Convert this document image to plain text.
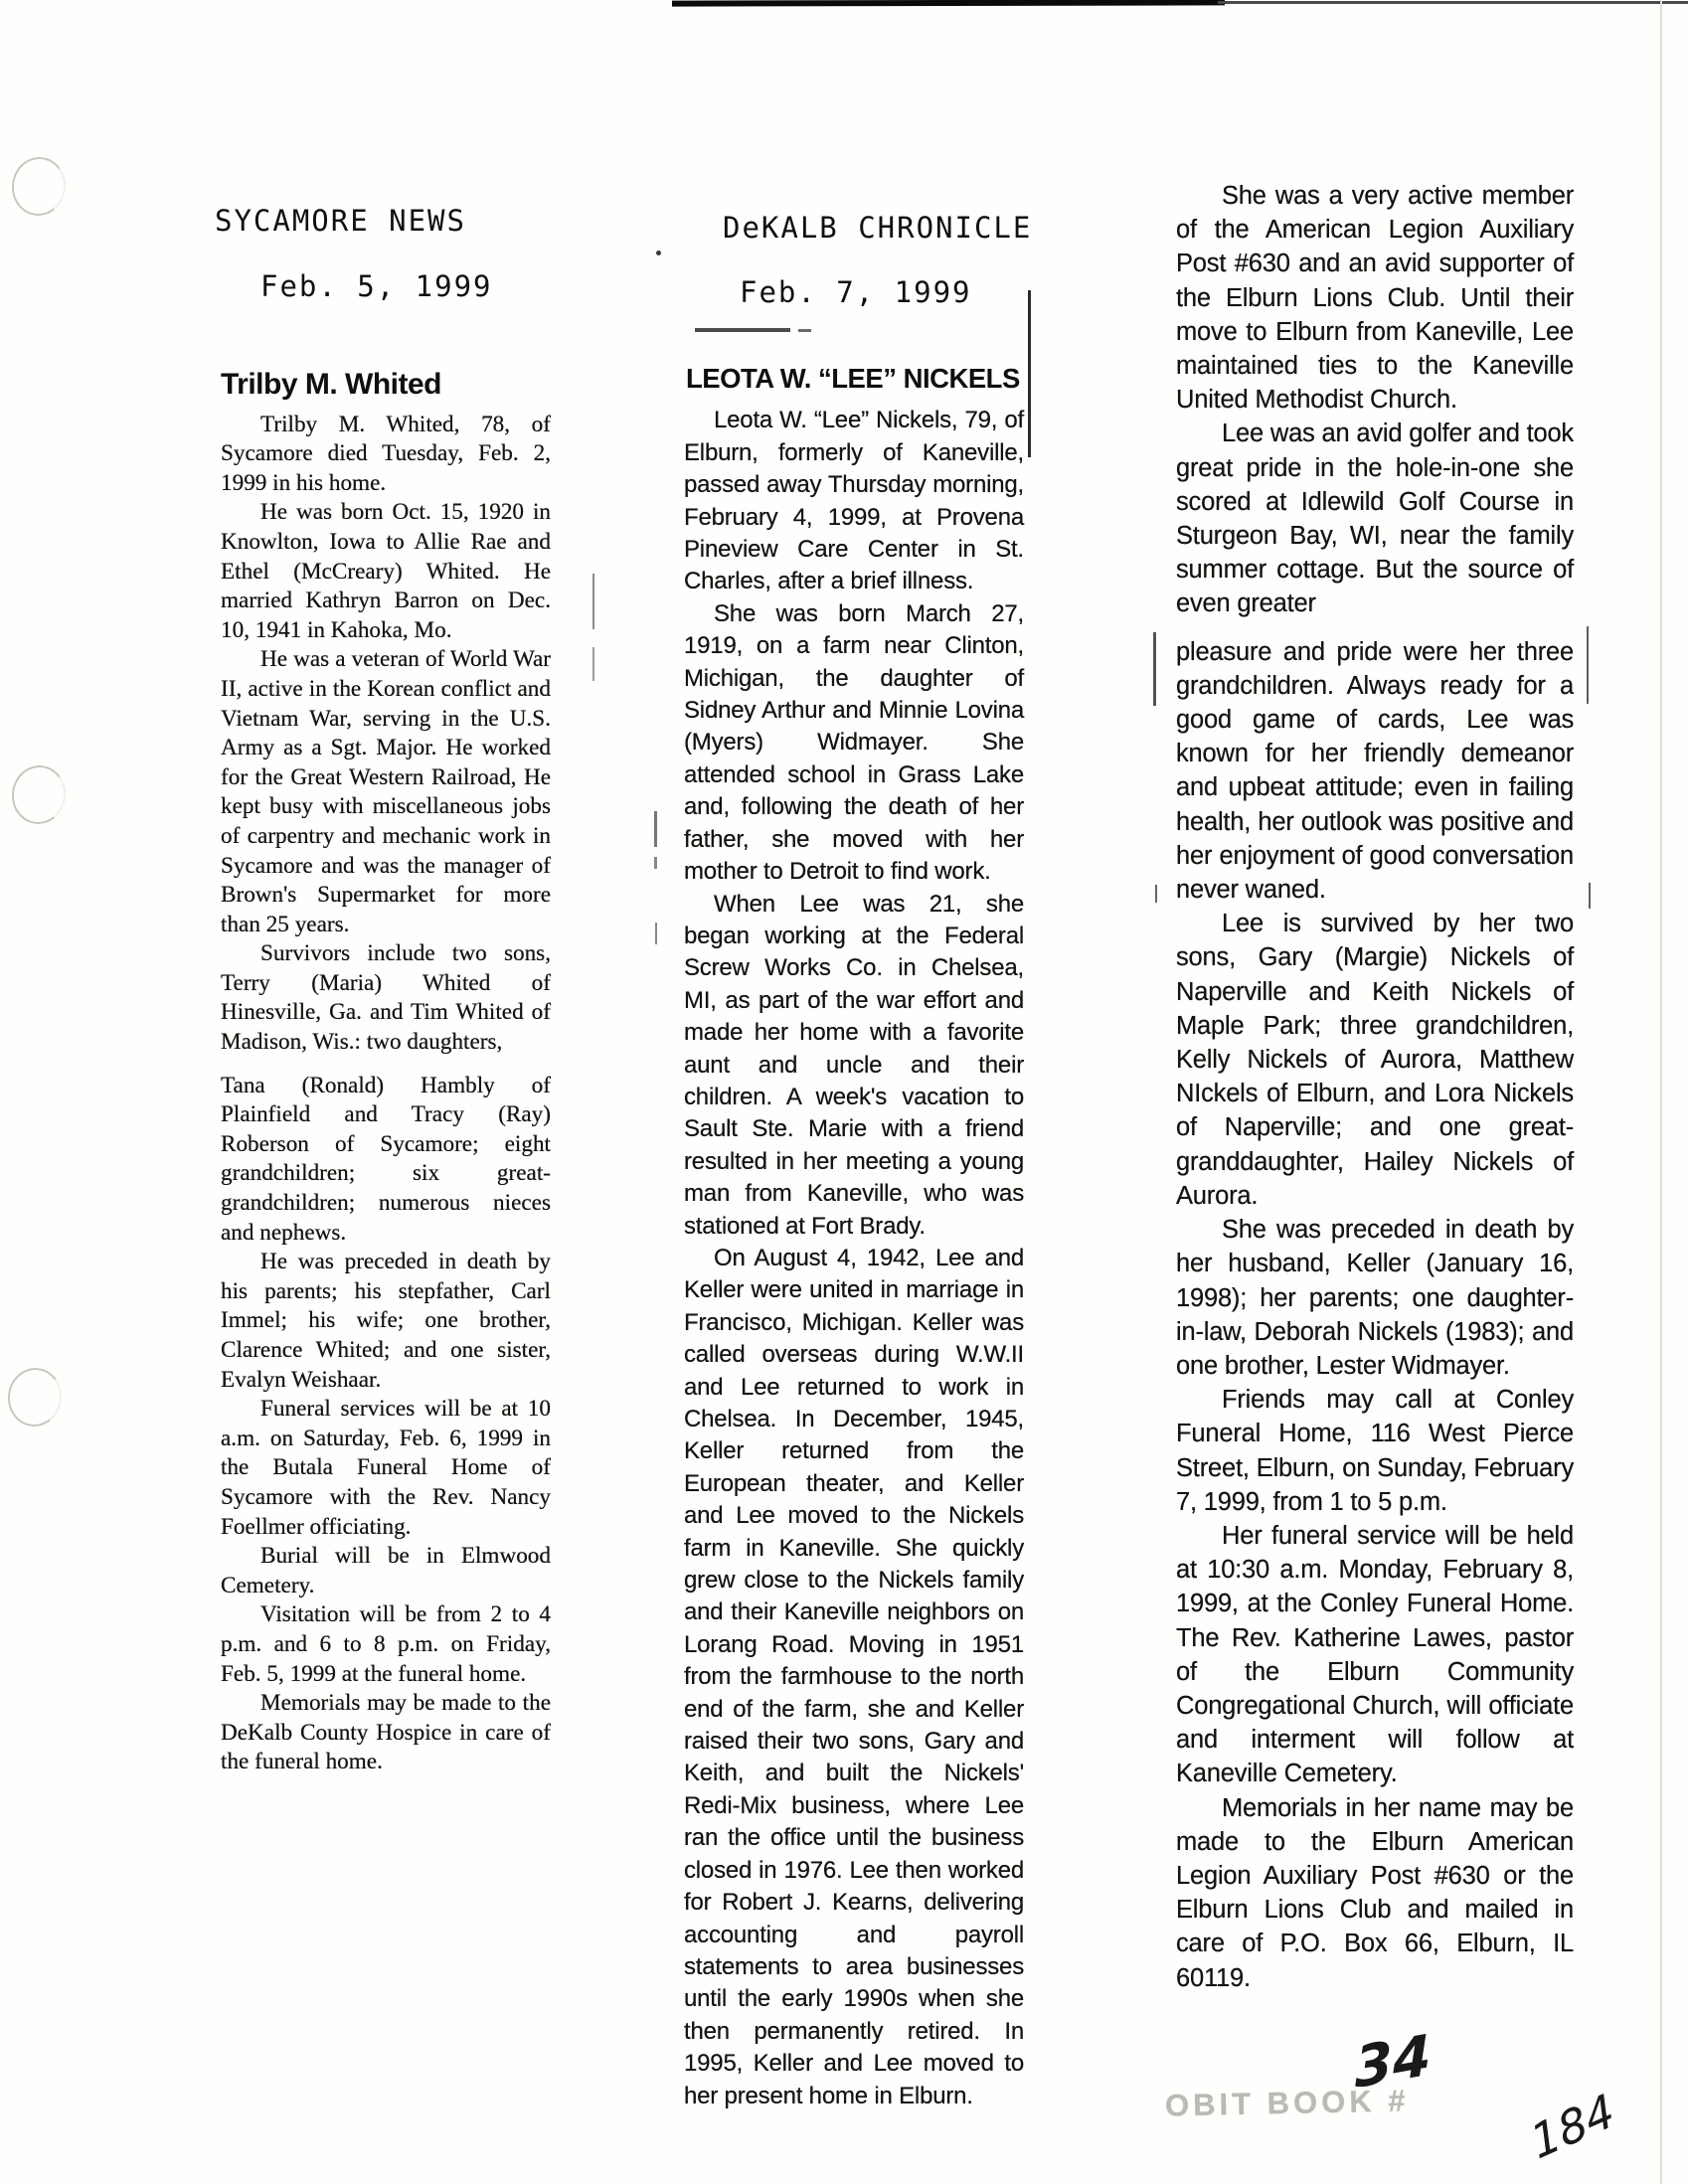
SYCAMORE NEWS
Feb. 5, 1999
DeKALB CHRONICLE
Feb. 7, 1999
Trilby M. Whited

Trilby M. Whited, 78, of Sycamore died Tuesday, Feb. 2, 1999 in his home.

He was born Oct. 15, 1920 in Knowlton, Iowa to Allie Rae and Ethel (McCreary) Whited. He married Kathryn Barron on Dec. 10, 1941 in Kahoka, Mo.

He was a veteran of World War II, active in the Korean conflict and Vietnam War, serving in the U.S. Army as a Sgt. Major. He worked for the Great Western Railroad, He kept busy with miscellaneous jobs of carpentry and mechanic work in Sycamore and was the manager of Brown's Supermarket for more than 25 years.

Survivors include two sons, Terry (Maria) Whited of Hinesville, Ga. and Tim Whited of Madison, Wis.: two daughters,

Tana (Ronald) Hambly of Plainfield and Tracy (Ray) Roberson of Sycamore; eight grandchildren; six great-grandchildren; numerous nieces and nephews.

He was preceded in death by his parents; his stepfather, Carl Immel; his wife; one brother, Clarence Whited; and one sister, Evalyn Weishaar.

Funeral services will be at 10 a.m. on Saturday, Feb. 6, 1999 in the Butala Funeral Home of Sycamore with the Rev. Nancy Foellmer officiating.

Burial will be in Elmwood Cemetery.

Visitation will be from 2 to 4 p.m. and 6 to 8 p.m. on Friday, Feb. 5, 1999 at the funeral home.

Memorials may be made to the DeKalb County Hospice in care of the funeral home.

LEOTA W. “LEE” NICKELS

Leota W. “Lee” Nickels, 79, of Elburn, formerly of Kaneville, passed away Thursday morning, February 4, 1999, at Provena Pineview Care Center in St. Charles, after a brief illness.

She was born March 27, 1919, on a farm near Clinton, Michigan, the daughter of Sidney Arthur and Minnie Lovina (Myers) Widmayer. She attended school in Grass Lake and, following the death of her father, she moved with her mother to Detroit to find work.

When Lee was 21, she began working at the Federal Screw Works Co. in Chelsea, MI, as part of the war effort and made her home with a favorite aunt and uncle and their children. A week's vacation to Sault Ste. Marie with a friend resulted in her meeting a young man from Kaneville, who was stationed at Fort Brady.

On August 4, 1942, Lee and Keller were united in marriage in Francisco, Michigan. Keller was called overseas during W.W.II and Lee returned to work in Chelsea. In December, 1945, Keller returned from the European theater, and Keller and Lee moved to the Nickels farm in Kaneville. She quickly grew close to the Nickels family and their Kaneville neighbors on Lorang Road. Moving in 1951 from the farmhouse to the north end of the farm, she and Keller raised their two sons, Gary and Keith, and built the Nickels' Redi-Mix business, where Lee ran the office until the business closed in 1976. Lee then worked for Robert J. Kearns, delivering accounting and payroll statements to area businesses until the early 1990s when she then permanently retired. In 1995, Keller and Lee moved to her present home in Elburn.

She was a very active member of the American Legion Auxiliary Post #630 and an avid supporter of the Elburn Lions Club. Until their move to Elburn from Kaneville, Lee maintained ties to the Kaneville United Methodist Church.

Lee was an avid golfer and took great pride in the hole-in-one she scored at Idlewild Golf Course in Sturgeon Bay, WI, near the family summer cottage. But the source of even greater

pleasure and pride were her three grandchildren. Always ready for a good game of cards, Lee was known for her friendly demeanor and upbeat attitude; even in failing health, her outlook was positive and her enjoyment of good conversation never waned.

Lee is survived by her two sons, Gary (Margie) Nickels of Naperville and Keith Nickels of Maple Park; three grandchildren, Kelly Nickels of Aurora, Matthew NIckels of Elburn, and Lora Nickels of Naperville; and one great-granddaughter, Hailey Nickels of Aurora.

She was preceded in death by her husband, Keller (January 16, 1998); her parents; one daughter-in-law, Deborah Nickels (1983); and one brother, Lester Widmayer.

Friends may call at Conley Funeral Home, 116 West Pierce Street, Elburn, on Sunday, February 7, 1999, from 1 to 5 p.m.

Her funeral service will be held at 10:30 a.m. Monday, February 8, 1999, at the Conley Funeral Home. The Rev. Katherine Lawes, pastor of the Elburn Community Congregational Church, will officiate and interment will follow at Kaneville Cemetery.

Memorials in her name may be made to the Elburn American Legion Auxiliary Post #630 or the Elburn Lions Club and mailed in care of P.O. Box 66, Elburn, IL 60119.

OBIT BOOK #
34
184
